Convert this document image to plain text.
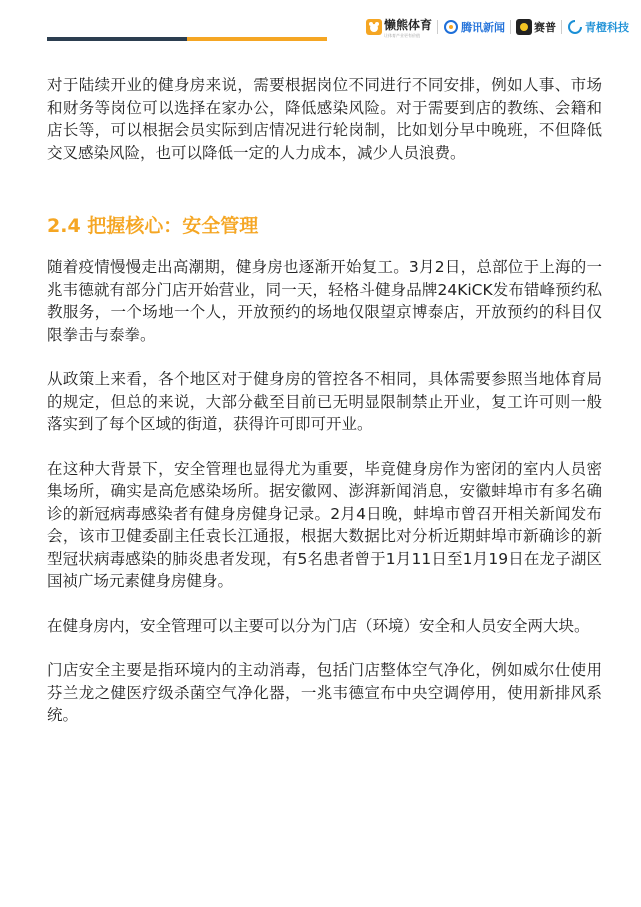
懒熊体育
让体育产业更有价值
腾讯新闻	赛普	青橙科技

对于陆续开业的健身房来说，需要根据岗位不同进行不同安排，例如人事、市场和财务等岗位可以选择在家办公，降低感染风险。对于需要到店的教练、会籍和店长等，可以根据会员实际到店情况进行轮岗制，比如划分早中晚班，不但降低交叉感染风险，也可以降低一定的人力成本，减少人员浪费。

2.4 把握核心：安全管理

随着疫情慢慢走出高潮期，健身房也逐渐开始复工。3月2日，总部位于上海的一兆韦德就有部分门店开始营业，同一天，轻格斗健身品牌24KiCK发布错峰预约私教服务，一个场地一个人，开放预约的场地仅限望京博泰店，开放预约的科目仅限拳击与泰拳。

从政策上来看，各个地区对于健身房的管控各不相同，具体需要参照当地体育局的规定，但总的来说，大部分截至目前已无明显限制禁止开业，复工许可则一般落实到了每个区域的街道，获得许可即可开业。

在这种大背景下，安全管理也显得尤为重要，毕竟健身房作为密闭的室内人员密集场所，确实是高危感染场所。据安徽网、澎湃新闻消息，安徽蚌埠市有多名确诊的新冠病毒感染者有健身房健身记录。2月4日晚，蚌埠市曾召开相关新闻发布会，该市卫健委副主任袁长江通报，根据大数据比对分析近期蚌埠市新确诊的新型冠状病毒感染的肺炎患者发现，有5名患者曾于1月11日至1月19日在龙子湖区国祯广场元素健身房健身。

在健身房内，安全管理可以主要可以分为门店（环境）安全和人员安全两大块。

门店安全主要是指环境内的主动消毒，包括门店整体空气净化，例如威尔仕使用芬兰龙之健医疗级杀菌空气净化器，一兆韦德宣布中央空调停用，使用新排风系统。
